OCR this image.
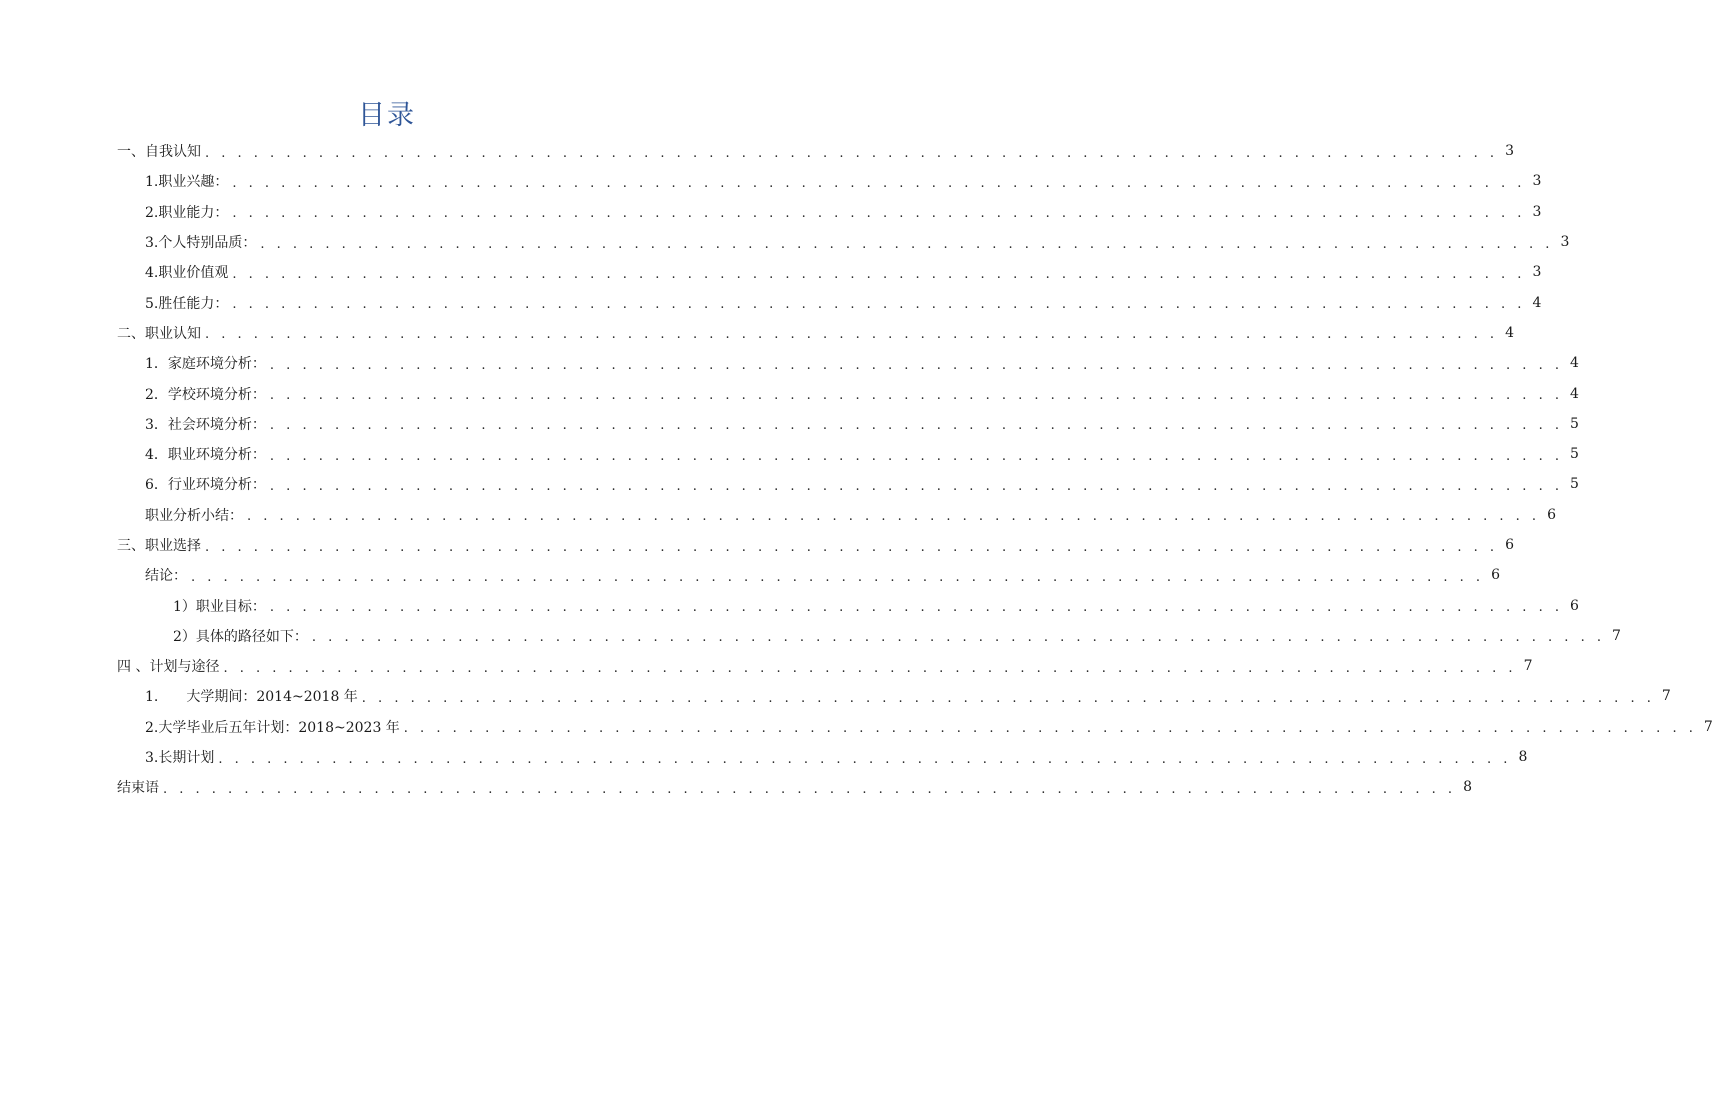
目录
一、自我认知 . . . . . . . . . . . . . . . . . . . . . . . . . . . . . . . . . . . . . . . . . . . . . . . . . . . . . . . . . . . . . . . . . . . . . . . . . . . . . . . . 3
1.职业兴趣： . . . . . . . . . . . . . . . . . . . . . . . . . . . . . . . . . . . . . . . . . . . . . . . . . . . . . . . . . . . . . . . . . . . . . . . . . . . . . . . . 3
2.职业能力： . . . . . . . . . . . . . . . . . . . . . . . . . . . . . . . . . . . . . . . . . . . . . . . . . . . . . . . . . . . . . . . . . . . . . . . . . . . . . . . . 3
3.个人特别品质： . . . . . . . . . . . . . . . . . . . . . . . . . . . . . . . . . . . . . . . . . . . . . . . . . . . . . . . . . . . . . . . . . . . . . . . . . . . . . . . . 3
4.职业价值观 . . . . . . . . . . . . . . . . . . . . . . . . . . . . . . . . . . . . . . . . . . . . . . . . . . . . . . . . . . . . . . . . . . . . . . . . . . . . . . . . 3
5.胜任能力： . . . . . . . . . . . . . . . . . . . . . . . . . . . . . . . . . . . . . . . . . . . . . . . . . . . . . . . . . . . . . . . . . . . . . . . . . . . . . . . . 4
二、职业认知 . . . . . . . . . . . . . . . . . . . . . . . . . . . . . . . . . . . . . . . . . . . . . . . . . . . . . . . . . . . . . . . . . . . . . . . . . . . . . . . . 4
1．家庭环境分析： . . . . . . . . . . . . . . . . . . . . . . . . . . . . . . . . . . . . . . . . . . . . . . . . . . . . . . . . . . . . . . . . . . . . . . . . . . . . . . . . 4
2．学校环境分析： . . . . . . . . . . . . . . . . . . . . . . . . . . . . . . . . . . . . . . . . . . . . . . . . . . . . . . . . . . . . . . . . . . . . . . . . . . . . . . . . 4
3．社会环境分析： . . . . . . . . . . . . . . . . . . . . . . . . . . . . . . . . . . . . . . . . . . . . . . . . . . . . . . . . . . . . . . . . . . . . . . . . . . . . . . . . 5
4．职业环境分析： . . . . . . . . . . . . . . . . . . . . . . . . . . . . . . . . . . . . . . . . . . . . . . . . . . . . . . . . . . . . . . . . . . . . . . . . . . . . . . . . 5
6．行业环境分析： . . . . . . . . . . . . . . . . . . . . . . . . . . . . . . . . . . . . . . . . . . . . . . . . . . . . . . . . . . . . . . . . . . . . . . . . . . . . . . . . 5
职业分析小结： . . . . . . . . . . . . . . . . . . . . . . . . . . . . . . . . . . . . . . . . . . . . . . . . . . . . . . . . . . . . . . . . . . . . . . . . . . . . . . . . 6
三、职业选择 . . . . . . . . . . . . . . . . . . . . . . . . . . . . . . . . . . . . . . . . . . . . . . . . . . . . . . . . . . . . . . . . . . . . . . . . . . . . . . . . 6
结论： . . . . . . . . . . . . . . . . . . . . . . . . . . . . . . . . . . . . . . . . . . . . . . . . . . . . . . . . . . . . . . . . . . . . . . . . . . . . . . . . 6
1）职业目标： . . . . . . . . . . . . . . . . . . . . . . . . . . . . . . . . . . . . . . . . . . . . . . . . . . . . . . . . . . . . . . . . . . . . . . . . . . . . . . . . 6
2）具体的路径如下： . . . . . . . . . . . . . . . . . . . . . . . . . . . . . . . . . . . . . . . . . . . . . . . . . . . . . . . . . . . . . . . . . . . . . . . . . . . . . . . . 7
四 、计划与途径 . . . . . . . . . . . . . . . . . . . . . . . . . . . . . . . . . . . . . . . . . . . . . . . . . . . . . . . . . . . . . . . . . . . . . . . . . . . . . . . . 7
1.　　大学期间：2014~2018 年 . . . . . . . . . . . . . . . . . . . . . . . . . . . . . . . . . . . . . . . . . . . . . . . . . . . . . . . . . . . . . . . . . . . . . . . . . . . . . . . . 7
2.大学毕业后五年计划：2018~2023 年 . . . . . . . . . . . . . . . . . . . . . . . . . . . . . . . . . . . . . . . . . . . . . . . . . . . . . . . . . . . . . . . . . . . . . . . . . . . . . . . . 7
3.长期计划 . . . . . . . . . . . . . . . . . . . . . . . . . . . . . . . . . . . . . . . . . . . . . . . . . . . . . . . . . . . . . . . . . . . . . . . . . . . . . . . . 8
结束语 . . . . . . . . . . . . . . . . . . . . . . . . . . . . . . . . . . . . . . . . . . . . . . . . . . . . . . . . . . . . . . . . . . . . . . . . . . . . . . . . 8
